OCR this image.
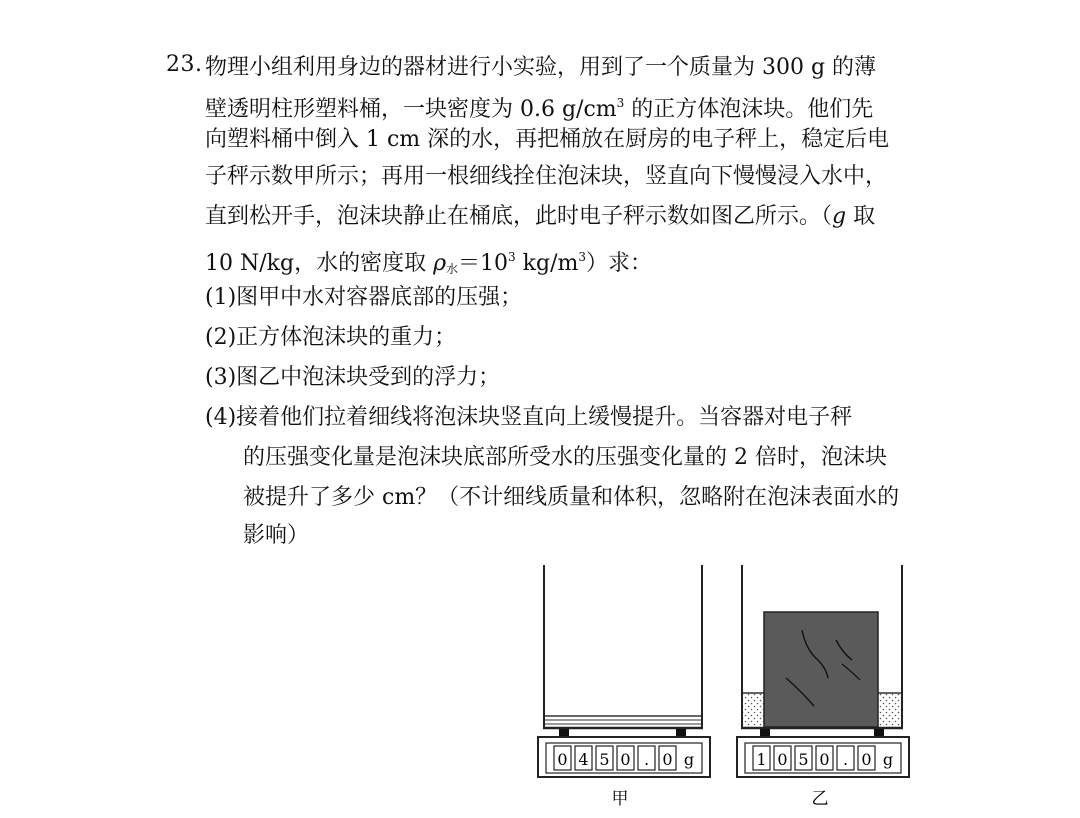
23. 物理小组利用身边的器材进行小实验，用到了一个质量为 300 g 的薄
壁透明柱形塑料桶，一块密度为 0.6 $g/cm^3$ 的正方体泡沫块。他们先
向塑料桶中倒入 1 cm 深的水，再把桶放在厨房的电子秤上，稳定后电
子秤示数甲所示；再用一根细线拴住泡沫块，竖直向下慢慢浸入水中，
直到松开手，泡沫块静止在桶底，此时电子秤示数如图乙所示。（g 取
10 N/kg，水的密度取 $\rho_水=10^3$ $kg/m^3$）求：
(1)图甲中水对容器底部的压强；
(2)正方体泡沫块的重力；
(3)图乙中泡沫块受到的浮力；
(4)接着他们拉着细线将泡沫块竖直向上缓慢提升。当容器对电子秤
的压强变化量是泡沫块底部所受水的压强变化量的 2 倍时，泡沫块
被提升了多少 cm？（不计细线质量和体积，忽略附在泡沫表面水的
影响）
0 4 5 0 . 0 g
甲
1 0 5 0 . 0 g
乙
